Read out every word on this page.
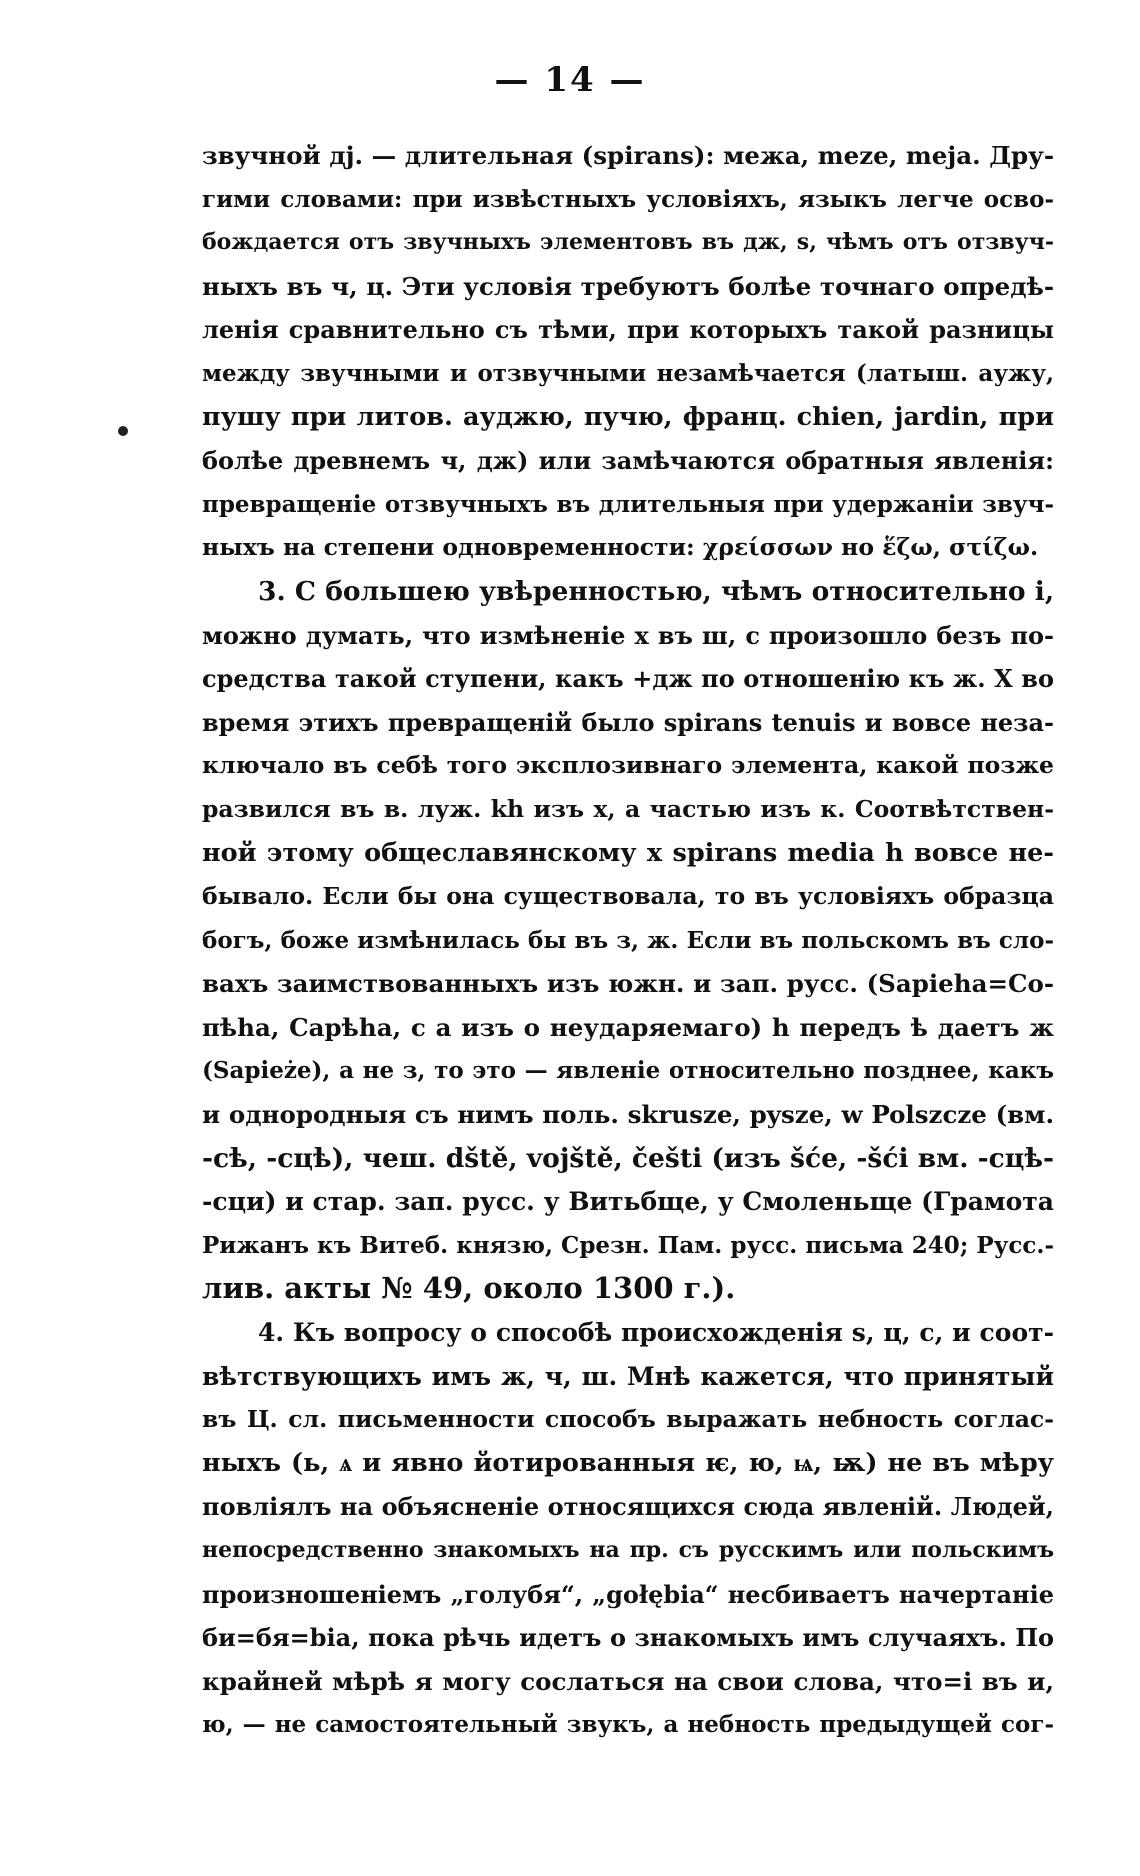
— 14 —
звучной дј. — длительная (spirans): межа, meze, meja. Дру-
гими словами: при извѣстныхъ условіяхъ, языкъ легче осво-
бождается отъ звучныхъ элементовъ въ дж, s, чѣмъ отъ отзвуч-
ныхъ въ ч, ц. Эти условія требуютъ болѣе точнаго опредѣ-
ленія сравнительно съ тѣми, при которыхъ такой разницы
между звучными и отзвучными незамѣчается (латыш. аужу,
пушу при литов. ауджю, пучю, франц. chien, jardin, при
болѣе древнемъ ч, дж) или замѣчаются обратныя явленія:
превращеніе отзвучныхъ въ длительныя при удержаніи звуч-
ныхъ на степени одновременности: χρείσσων но ἕζω, στίζω.
3. С большею увѣренностью, чѣмъ относительно і,
можно думать, что измѣненіе х въ ш, с произошло безъ по-
средства такой ступени, какъ +дж по отношенію къ ж. Х во
время этихъ превращеній было spirans tenuis и вовсе неза-
ключало въ себѣ того эксплозивнаго элемента, какой позже
развился въ в. луж. kh изъ x, а частью изъ к. Соотвѣтствен-
ной этому общеславянскому x spirans media h вовсе не-
бывало. Если бы она существовала, то въ условіяхъ образца
богъ, боже измѣнилась бы въ з, ж. Если въ польскомъ въ сло-
вахъ заимствованныхъ изъ южн. и зап. русс. (Sapieha=Со-
пѣhа, Capѣha, с а изъ о неударяемаго) h передъ ѣ даетъ ж
(Sapieże), а не з, то это — явленіе относительно позднее, какъ
и однородныя съ нимъ поль. skrusze, pysze, w Polszcze (вм.
-сѣ, -сцѣ), чеш. dště, vojště, češti (изъ šće, -šći вм. -сцѣ-
-сци) и стар. зап. русс. у Витьбще, у Смоленьще (Грамота
Рижанъ къ Витеб. князю, Срезн. Пам. русс. письма 240; Русс.-
лив. акты № 49, около 1300 г.).
4. Къ вопросу о способѣ происхожденія s, ц, с, и соот-
вѣтствующихъ имъ ж, ч, ш. Мнѣ кажется, что принятый
въ Ц. сл. письменности способъ выражать небность соглас-
ныхъ (ь, ѧ и явно йотированныя ѥ, ю, ѩ, ѭ) не въ мѣру
повліялъ на объясненіе относящихся сюда явленій. Людей,
непосредственно знакомыхъ на пр. съ русскимъ или польскимъ
произношеніемъ „голубя“, „gołębia“ несбиваетъ начертаніе
би=бя=bia, пока рѣчь идетъ о знакомыхъ имъ случаяхъ. По
крайней мѣрѣ я могу сослаться на свои слова, что=і въ и,
ю, — не самостоятельный звукъ, а небность предыдущей сог-
